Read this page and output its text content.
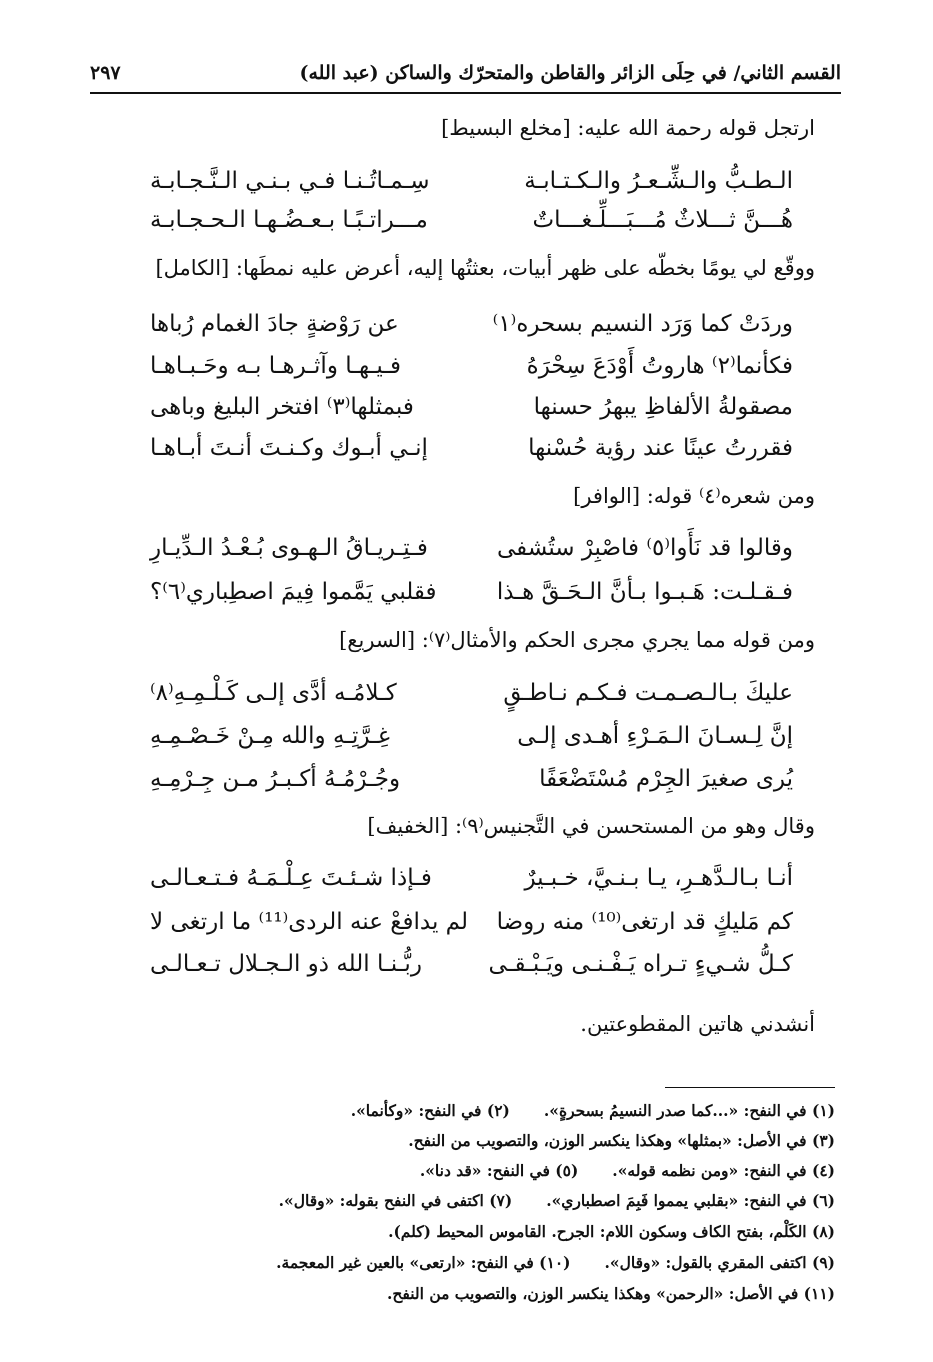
القسم الثاني/ في حِلَى الزائر والقاطن والمتحرّك والساكن (عبد الله)
٢٩٧
ارتجل قوله رحمة الله عليه: [مخلع البسيط]
الـطـبُّ والـشِّـعـرُ والـكـتـابـة
سِـمـاتُـنـا فـي بـنـي الـنَّـجـابـة
هُـــنَّ ثـــلاثٌ مُـــبَـــلِّـغـــاتٌ
مـــراتـبًـا بـعـضُـهـا الـحـجـابـة
ووقّع لي يومًا بخطّه على ظهر أبيات، بعثتُها إليه، أعرض عليه نمطَها: [الكامل]
وردَتْ كما وَرَد النسيم بسحره⁽١⁾
عن رَوْضةٍ جادَ الغمام رُباها
فكأنما⁽٢⁾ هاروتُ أَوْدَعَ سِحْرَهُ
فـيـهـا وآثـرهـا بـه وحَـبـاهـا
مصقولةُ الألفاظِ يبهرُ حسنها
فبمثلها⁽٣⁾ افتخر البليغ وباهى
فقررتُ عينًا عند رؤية حُسْنها
إنـي أبـوك وكـنـتَ أنـتَ أبـاهـا
ومن شعره⁽٤⁾ قوله: [الوافر]
وقالوا قد نَأَوا⁽٥⁾ فاصْبِرْ ستُشفى
فـتِـريـاقُ الـهـوى بُـعْـدُ الـدِّيـارِ
فـقـلـت: هَـبـوا بـأنَّ الـحَـقَّ هـذا
فقلبي يَمَّموا فِيمَ اصطِباري⁽٦⁾؟
ومن قوله مما يجري مجرى الحكم والأمثال⁽٧⁾: [السريع]
عليكَ بـالـصـمـت فـكـم نـاطـقٍ
كـلامُـه أدَّى إلـى كَـلْـمِـهِ⁽٨⁾
إنَّ لِـسـانَ الـمَـرْءِ أهـدى إلـى
غِـرَّتِـهِ والله مِـنْ خَـصْـمِـهِ
يُرى صغيرَ الجِرْم مُسْتَضْعَفًا
وجُـرْمُـهُ أكـبـرُ مـن جِـرْمِـهِ
وقال وهو من المستحسن في التَّجنيس⁽٩⁾: [الخفيف]
أنـا بـالـدَّهـرِ، يـا بـنـيَّ، خـبـيرٌ
فـإذا شـئـتَ عِـلْـمَـهُ فـتـعـالـى
كم مَليكٍ قد ارتغى⁽¹⁰⁾ منه روضا
لم يدافعْ عنه الردى⁽¹¹⁾ ما ارتغى لا
كـلُّ شـيءٍ تـراه يَـفْـنـى ويَـبْـقـى
ربُّـنـا الله ذو الـجـلال تـعـالـى
أنشدني هاتين المقطوعتين.
(١) في النفح: «...كما صدر النسيمُ بسحرةٍ».(٢) في النفح: «وكأنما».
(٣) في الأصل: «بمثلها» وهكذا ينكسر الوزن، والتصويب من النفح.
(٤) في النفح: «ومن نظمه قوله».(٥) في النفح: «قد دنا».
(٦) في النفح: «بقلبي يمموا فَبِمَ اصطباري».(٧) اكتفى في النفح بقوله: «وقال».
(٨) الكَلْم، بفتح الكاف وسكون اللام: الجرح. القاموس المحيط (كلم).
(٩) اكتفى المقري بالقول: «وقال».(١٠) في النفح: «ارتعى» بالعين غير المعجمة.
(١١) في الأصل: «الرحمن» وهكذا ينكسر الوزن، والتصويب من النفح.
